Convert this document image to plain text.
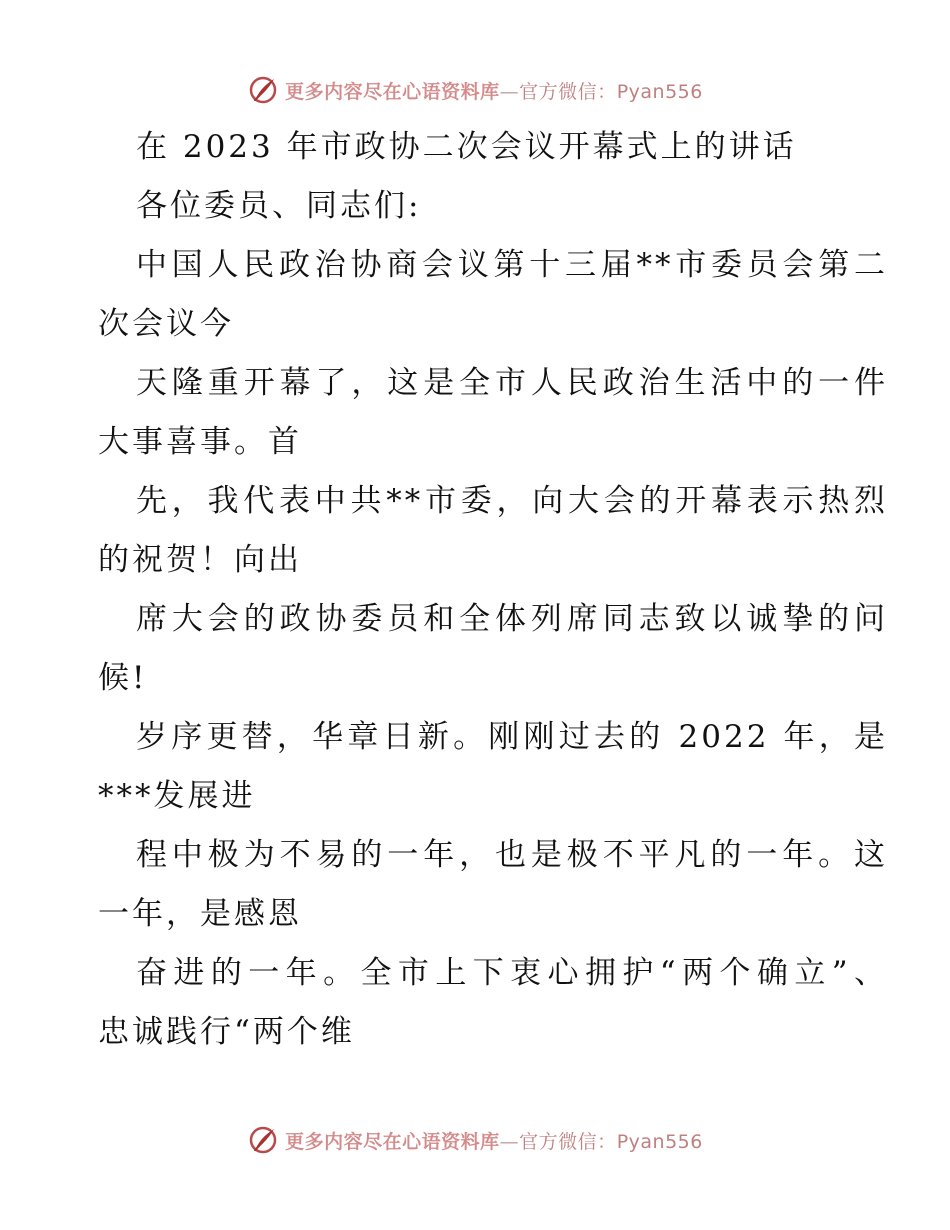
更多内容尽在心语资料库—官方微信：Pyan556
在 2023 年市政协二次会议开幕式上的讲话
各位委员、同志们:
中国人民政治协商会议第十三届**市委员会第二
次会议今
天隆重开幕了，这是全市人民政治生活中的一件
大事喜事。首
先，我代表中共**市委，向大会的开幕表示热烈
的祝贺！向出
席大会的政协委员和全体列席同志致以诚挚的问
候!
岁序更替，华章日新。刚刚过去的 2022 年，是
***发展进
程中极为不易的一年，也是极不平凡的一年。这
一年，是感恩
奋进的一年。全市上下衷心拥护“两个确立”、
忠诚践行“两个维
更多内容尽在心语资料库—官方微信：Pyan556
